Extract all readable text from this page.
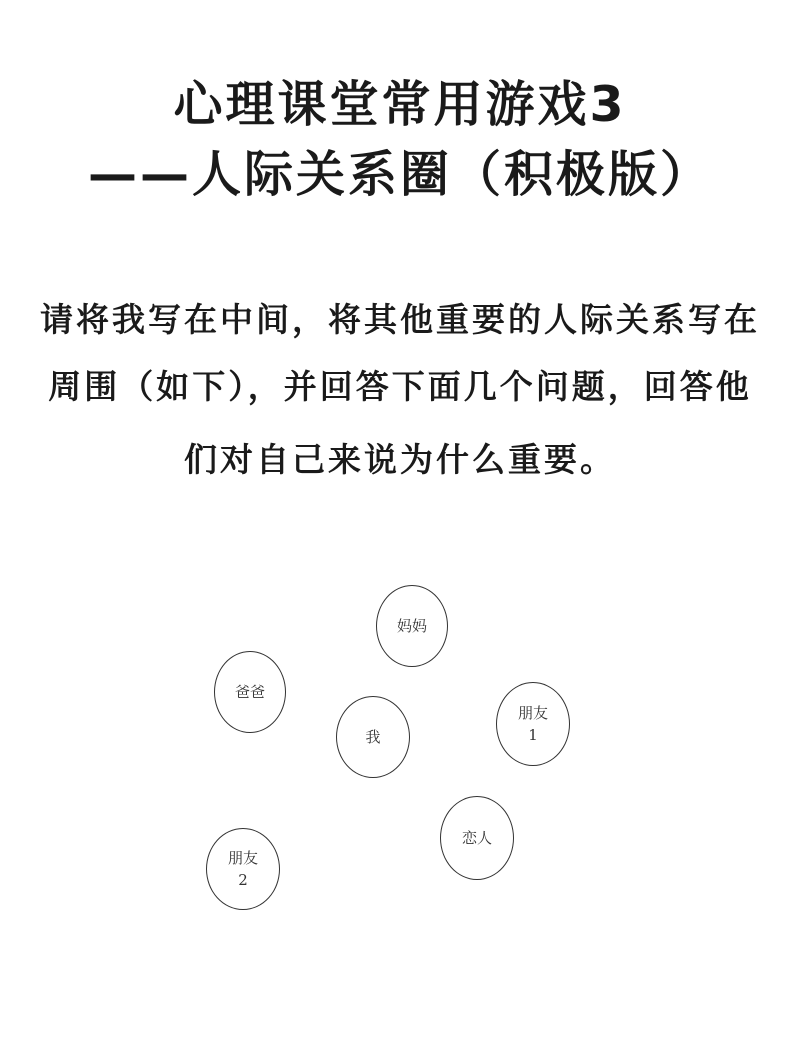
心理课堂常用游戏3
——人际关系圈（积极版）
请将我写在中间，将其他重要的人际关系写在
周围（如下），并回答下面几个问题，回答他
们对自己来说为什么重要。
妈妈
爸爸
我
朋友
1
恋人
朋友
2
